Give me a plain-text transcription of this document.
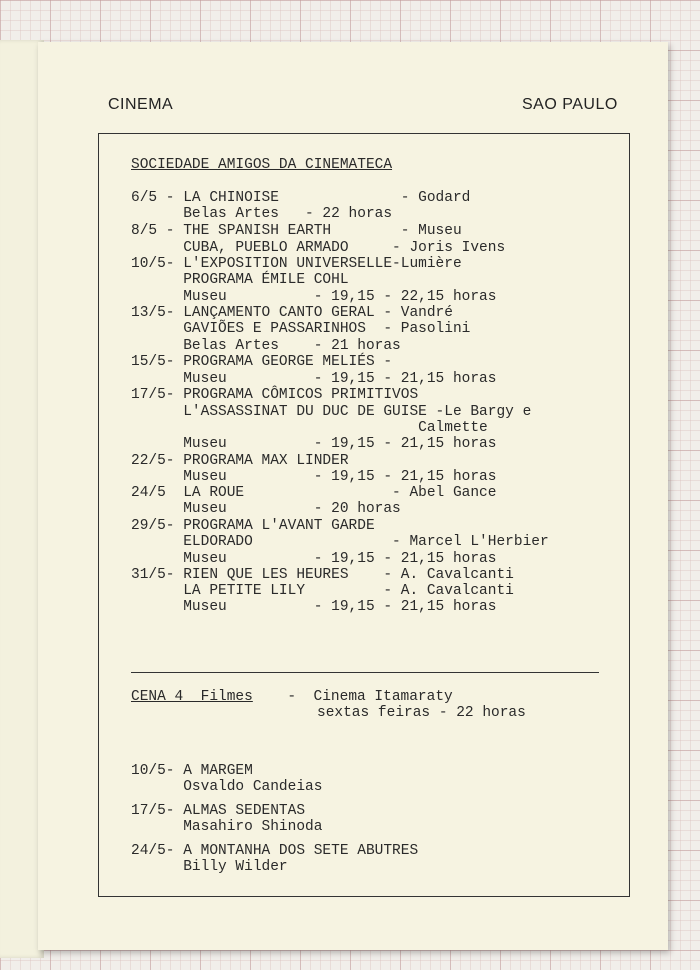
CINEMA	SAO PAULO
SOCIEDADE AMIGOS DA CINEMATECA
6/5 - LA CHINOISE              - Godard
Belas Artes   - 22 horas
8/5 - THE SPANISH EARTH        - Museu
CUBA, PUEBLO ARMADO     - Joris Ivens
10/5- L'EXPOSITION UNIVERSELLE-Lumière
PROGRAMA ÉMILE COHL
Museu          - 19,15 - 22,15 horas
13/5- LANÇAMENTO CANTO GERAL - Vandré
GAVIÕES E PASSARINHOS  - Pasolini
Belas Artes    - 21 horas
15/5- PROGRAMA GEORGE MELIÉS -
Museu          - 19,15 - 21,15 horas
17/5- PROGRAMA CÔMICOS PRIMITIVOS
L'ASSASSINAT DU DUC DE GUISE -Le Bargy e
Calmette
Museu          - 19,15 - 21,15 horas
22/5- PROGRAMA MAX LINDER
Museu          - 19,15 - 21,15 horas
24/5  LA ROUE                 - Abel Gance
Museu          - 20 horas
29/5- PROGRAMA L'AVANT GARDE
ELDORADO                - Marcel L'Herbier
Museu          - 19,15 - 21,15 horas
31/5- RIEN QUE LES HEURES    - A. Cavalcanti
LA PETITE LILY         - A. Cavalcanti
Museu          - 19,15 - 21,15 horas
CENA 4  Filmes -  Cinema Itamaraty
sextas feiras - 22 horas
10/5- A MARGEM
Osvaldo Candeias
17/5- ALMAS SEDENTAS
Masahiro Shinoda
24/5- A MONTANHA DOS SETE ABUTRES
Billy Wilder
